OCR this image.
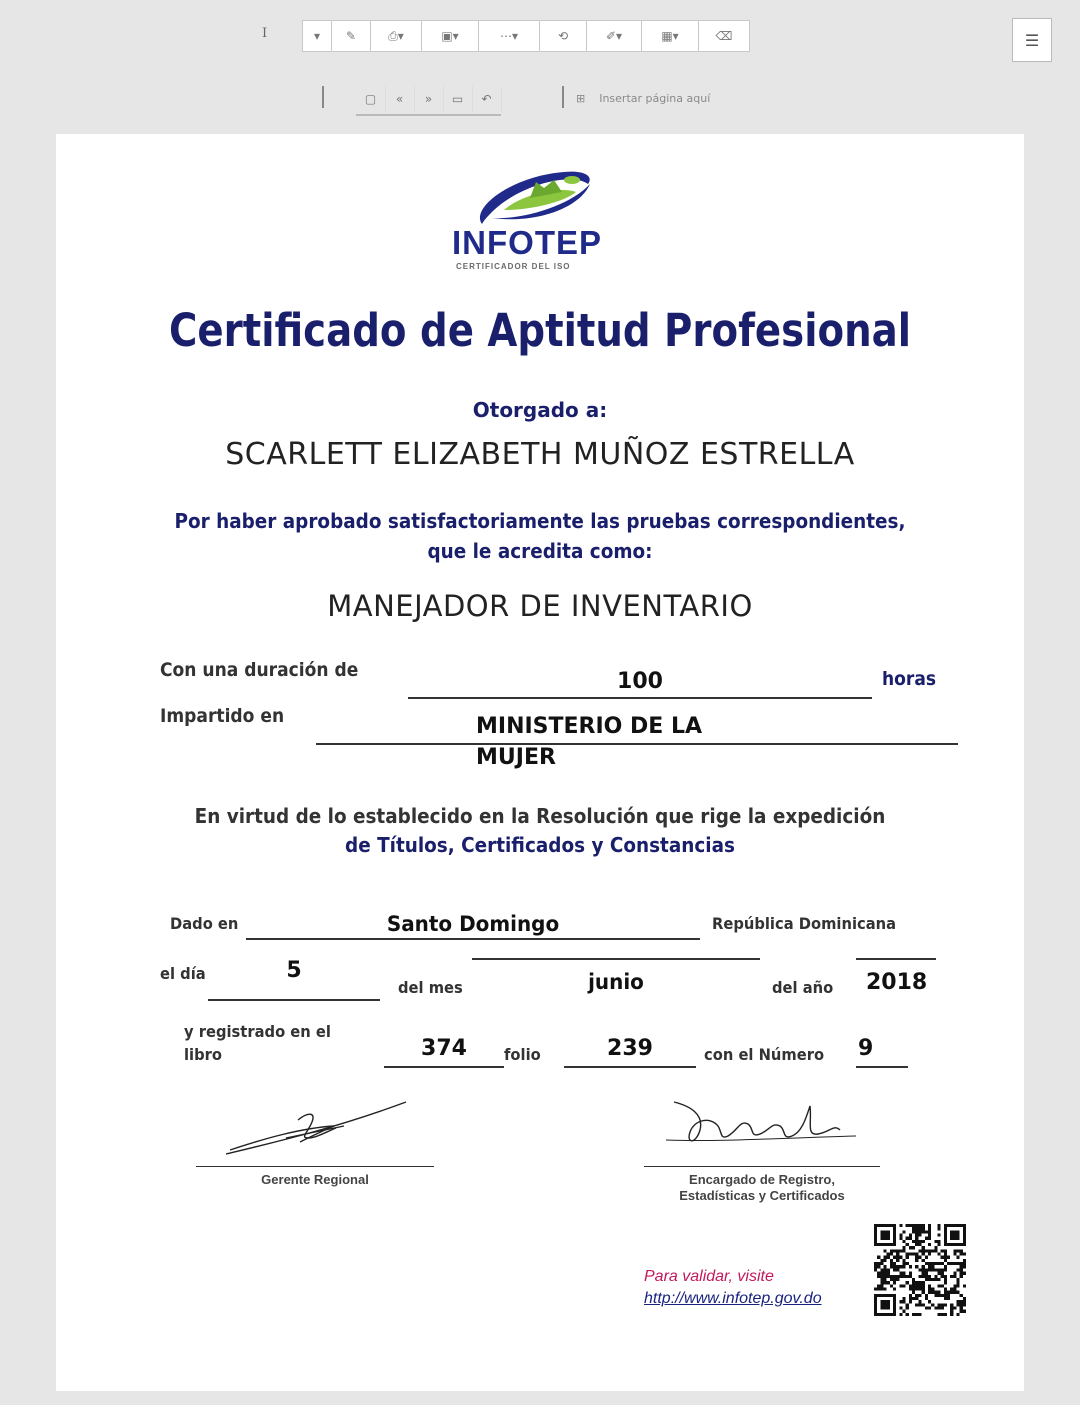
I	▾	✎	⎙▾	▣▾	⋯▾	⟲	✐▾	▦▾	⌫	☰
▢	«	»	▭	↶	⊞ Insertar página aquí
INFOTEP
CERTIFICADOR DEL ISO
Certificado de Aptitud Profesional
Otorgado a:
SCARLETT ELIZABETH MUÑOZ ESTRELLA
Por haber aprobado satisfactoriamente las pruebas correspondientes,
que le acredita como:
MANEJADOR DE INVENTARIO
Con una duración de	100	horas
Impartido en	MINISTERIO DE LA
MUJER
En virtud de lo establecido en la Resolución que rige la expedición
de Títulos, Certificados y Constancias
Dado en	Santo Domingo	República Dominicana
el día	5
del mes	junio	del año 2018
y registrado en el
libro	374	folio	239	con el Número 9
Gerente Regional	Encargado de Registro,
Estadísticas y Certificados
Para validar, visite
http://www.infotep.gov.do
